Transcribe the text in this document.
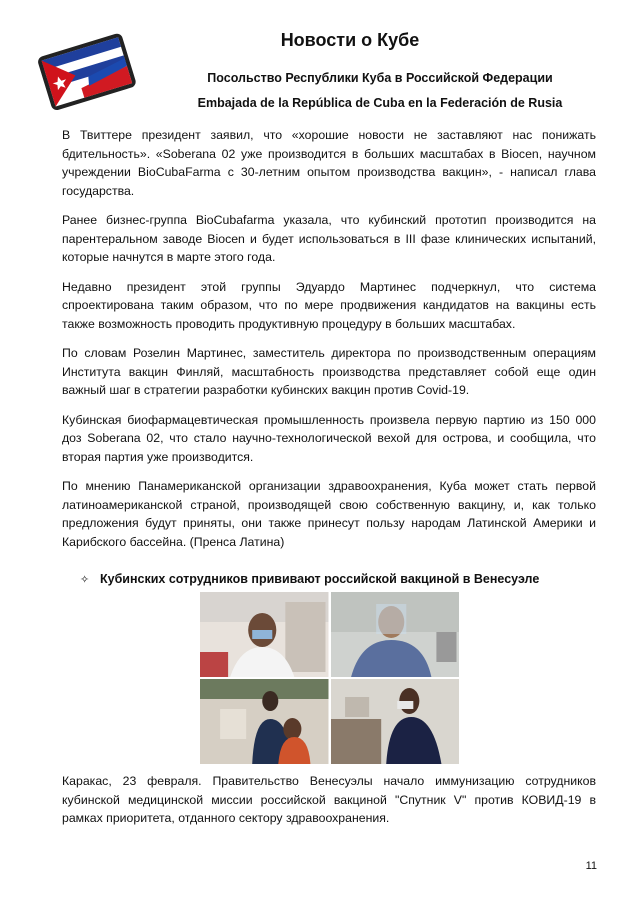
Новости о Кубе
Посольство Республики Куба в Российской Федерации
Embajada de la República de Cuba en la Federación de Rusia

В Твиттере президент заявил, что «хорошие новости не заставляют нас понижать бдительность». «Soberana 02 уже производится в больших масштабах в Biocen, научном учреждении BioCubaFarma с 30-летним опытом производства вакцин», - написал глава государства.

Ранее бизнес-группа BioCubafarma указала, что кубинский прототип производится на парентеральном заводе Biocen и будет использоваться в III фазе клинических испытаний, которые начнутся в марте этого года.

Недавно президент этой группы Эдуардо Мартинес подчеркнул, что система спроектирована таким образом, что по мере продвижения кандидатов на вакцины есть также возможность проводить продуктивную процедуру в больших масштабах.

По словам Розелин Мартинес, заместитель директора по производственным операциям Института вакцин Финляй, масштабность производства представляет собой еще один важный шаг в стратегии разработки кубинских вакцин против Covid-19.

Кубинская биофармацевтическая промышленность произвела первую партию из 150 000 доз Soberana 02, что стало научно-технологической вехой для острова, и сообщила, что вторая партия уже производится.

По мнению Панамериканской организации здравоохранения, Куба может стать первой латиноамериканской страной, производящей свою собственную вакцину, и, как только предложения будут приняты, они также принесут пользу народам Латинской Америки и Карибского бассейна. (Пренса Латина)

✧ Кубинских сотрудников прививают российской вакциной в Венесуэле

Каракас, 23 февраля. Правительство Венесуэлы начало иммунизацию сотрудников кубинской медицинской миссии российской вакциной "Спутник V" против КОВИД-19 в рамках приоритета, отданного сектору здравоохранения.

11
